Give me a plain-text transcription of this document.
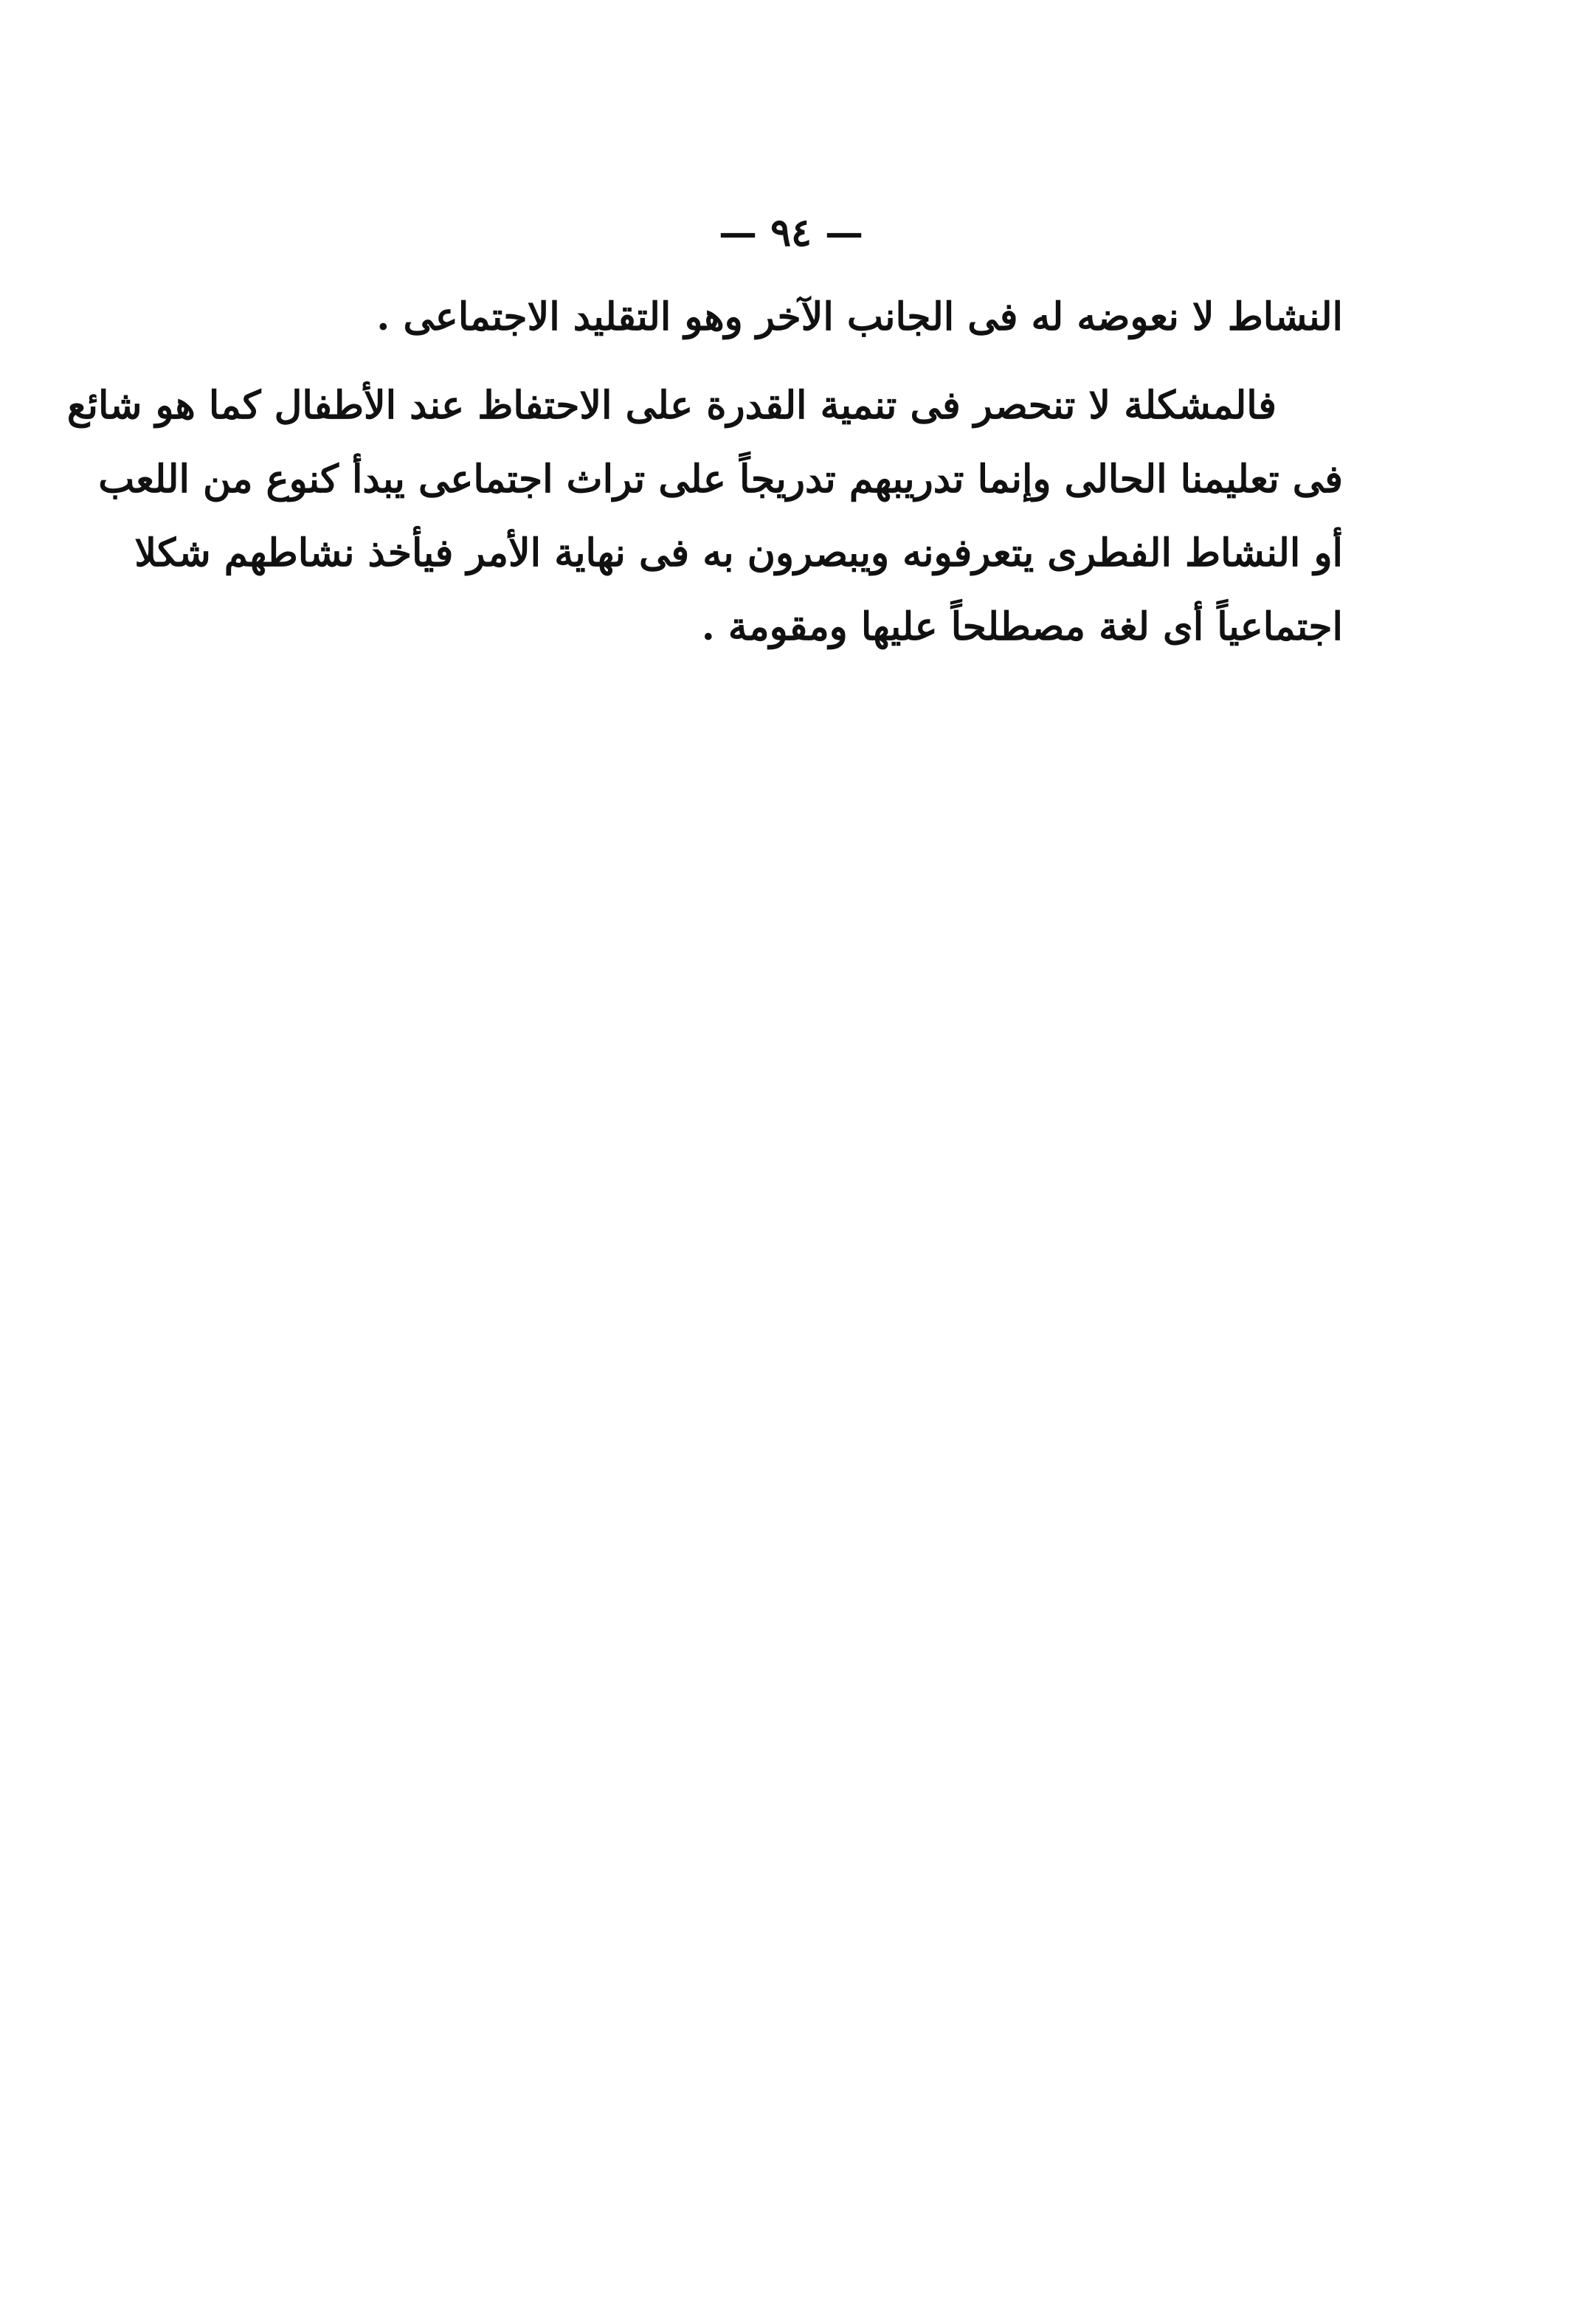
— ٩٤ —
النشاط لا نعوضه له فى الجانب الآخر وهو التقليد الاجتماعى .
فالمشكلة لا تنحصر فى تنمية القدرة على الاحتفاظ عند الأطفال كما هو شائع
فى تعليمنا الحالى وإنما تدريبهم تدريجاً على تراث اجتماعى يبدأ كنوع من اللعب
أو النشاط الفطرى يتعرفونه ويبصرون به فى نهاية الأمر فيأخذ نشاطهم شكلا
اجتماعياً أى لغة مصطلحاً عليها ومقومة .
